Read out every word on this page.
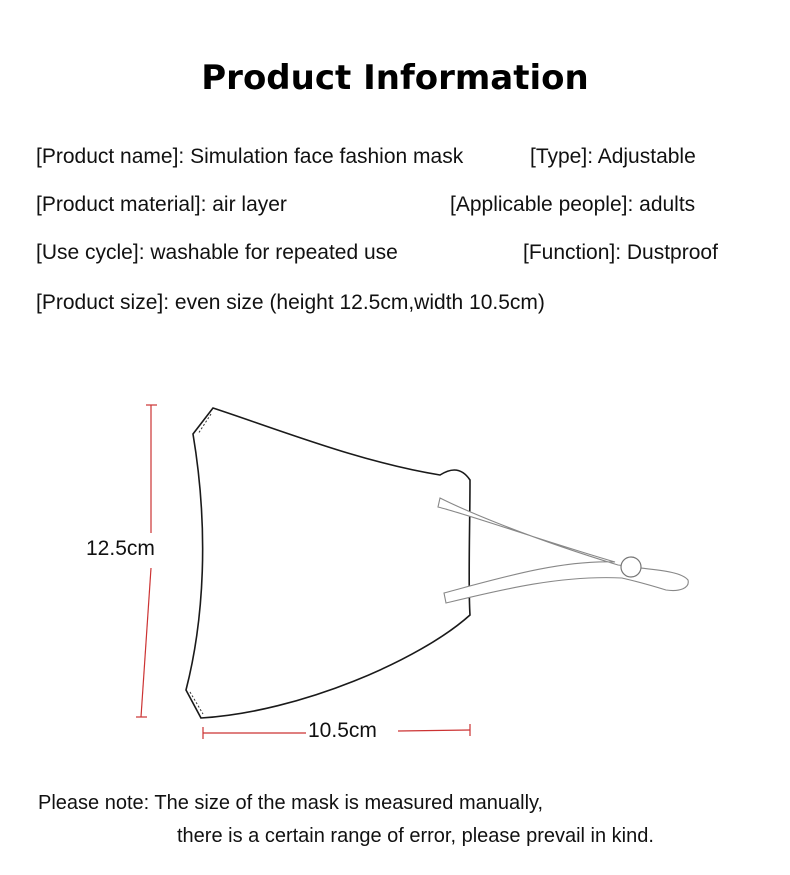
Product Information
[Product name]: Simulation face fashion mask	[Type]: Adjustable
[Product material]: air layer	[Applicable people]: adults
[Use cycle]: washable for repeated use	[Function]: Dustproof
[Product size]: even size (height 12.5cm,width 10.5cm)
12.5cm
10.5cm
Please note: The size of the mask is measured manually,
there is a certain range of error, please prevail in kind.
